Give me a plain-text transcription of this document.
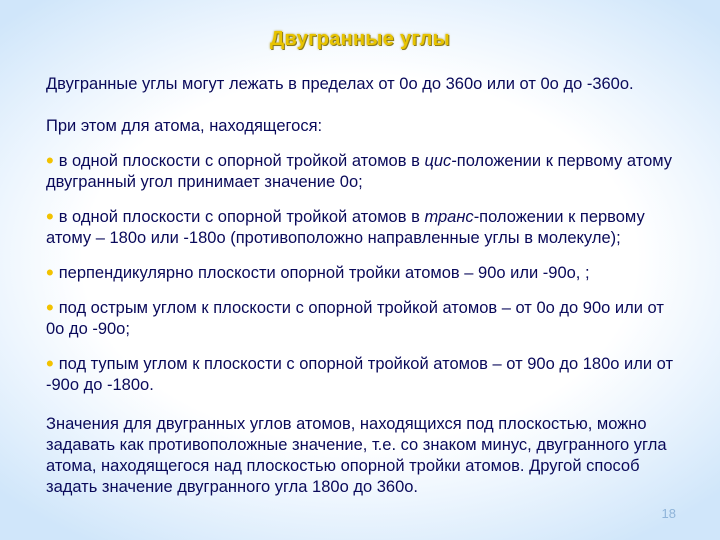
Двугранные углы

Двугранные углы могут лежать в пределах от 0о до 360о или от 0о до -360о.

При этом для атома, находящегося:

• в одной плоскости с опорной тройкой атомов в цис-положении к первому атому двугранный угол принимает значение 0о;

• в одной плоскости с опорной тройкой атомов в транс-положении к первому атому – 180о или -180о (противоположно направленные углы в молекуле);

• перпендикулярно плоскости опорной тройки атомов – 90о или -90о, ;

• под острым углом к плоскости с опорной тройкой атомов – от 0о до 90о или от 0о до -90о;

• под тупым углом к плоскости с опорной тройкой атомов – от 90о до 180о или от -90о до -180о.

Значения для двугранных углов атомов, находящихся под плоскостью, можно задавать как противоположные значение, т.е. со знаком минус, двугранного угла атома, находящегося над плоскостью опорной тройки атомов. Другой способ задать значение двугранного угла 180о до 360о.

18
